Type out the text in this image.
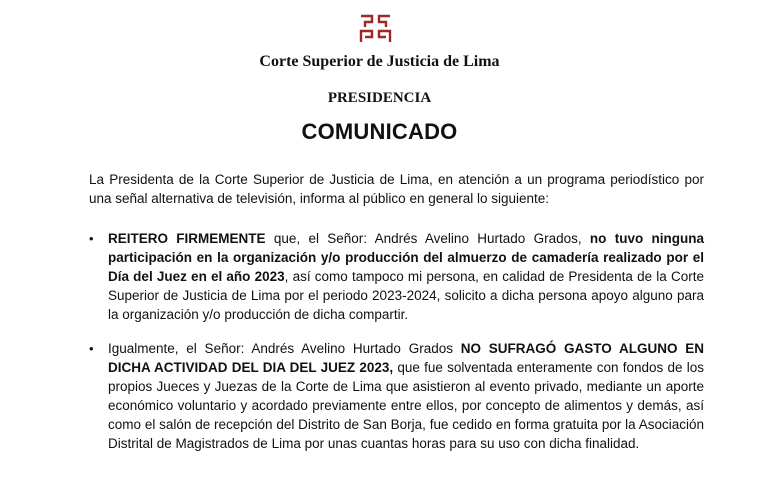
Corte Superior de Justicia de Lima
PRESIDENCIA
COMUNICADO

La Presidenta de la Corte Superior de Justicia de Lima, en atención a un programa periodístico por una señal alternativa de televisión, informa al público en general lo siguiente:

• REITERO FIRMEMENTE que, el Señor: Andrés Avelino Hurtado Grados, no tuvo ninguna participación en la organización y/o producción del almuerzo de camadería realizado por el Día del Juez en el año 2023, así como tampoco mi persona, en calidad de Presidenta de la Corte Superior de Justicia de Lima por el periodo 2023-2024, solicito a dicha persona apoyo alguno para la organización y/o producción de dicha compartir.
• Igualmente, el Señor: Andrés Avelino Hurtado Grados NO SUFRAGÓ GASTO ALGUNO EN DICHA ACTIVIDAD DEL DIA DEL JUEZ 2023, que fue solventada enteramente con fondos de los propios Jueces y Juezas de la Corte de Lima que asistieron al evento privado, mediante un aporte económico voluntario y acordado previamente entre ellos, por concepto de alimentos y demás, así como el salón de recepción del Distrito de San Borja, fue cedido en forma gratuita por la Asociación Distrital de Magistrados de Lima por unas cuantas horas para su uso con dicha finalidad.
